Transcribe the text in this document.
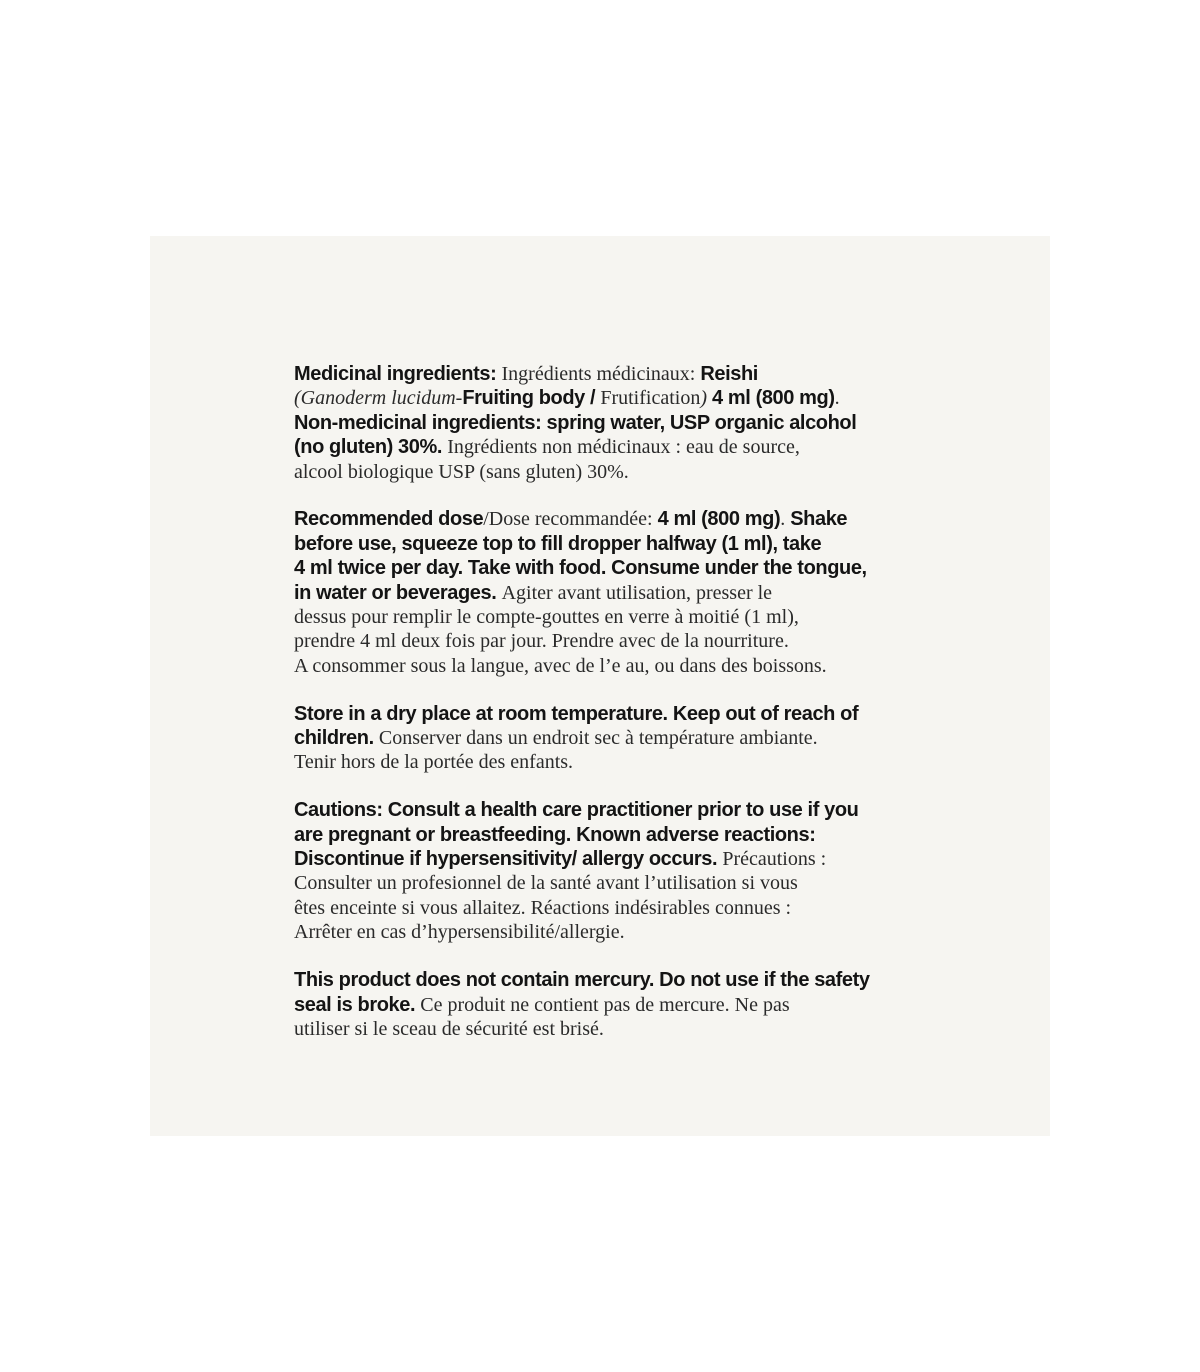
Medicinal ingredients: Ingrédients médicinaux: Reishi
(Ganoderm lucidum-Fruiting body / Frutification) 4 ml (800 mg).
Non-medicinal ingredients: spring water, USP organic alcohol
(no gluten) 30%. Ingrédients non médicinaux : eau de source,
alcool biologique USP (sans gluten) 30%.
Recommended dose/Dose recommandée: 4 ml (800 mg). Shake
before use, squeeze top to fill dropper halfway (1 ml), take
4 ml twice per day. Take with food. Consume under the tongue,
in water or beverages. Agiter avant utilisation, presser le
dessus pour remplir le compte-gouttes en verre à moitié (1 ml),
prendre 4 ml deux fois par jour. Prendre avec de la nourriture.
A consommer sous la langue, avec de l’e au, ou dans des boissons.
Store in a dry place at room temperature. Keep out of reach of
children. Conserver dans un endroit sec à température ambiante.
Tenir hors de la portée des enfants.
Cautions: Consult a health care practitioner prior to use if you
are pregnant or breastfeeding. Known adverse reactions:
Discontinue if hypersensitivity/ allergy occurs. Précautions :
Consulter un profesionnel de la santé avant l’utilisation si vous
êtes enceinte si vous allaitez. Réactions indésirables connues :
Arrêter en cas d’hypersensibilité/allergie.
This product does not contain mercury. Do not use if the safety
seal is broke. Ce produit ne contient pas de mercure. Ne pas
utiliser si le sceau de sécurité est brisé.
